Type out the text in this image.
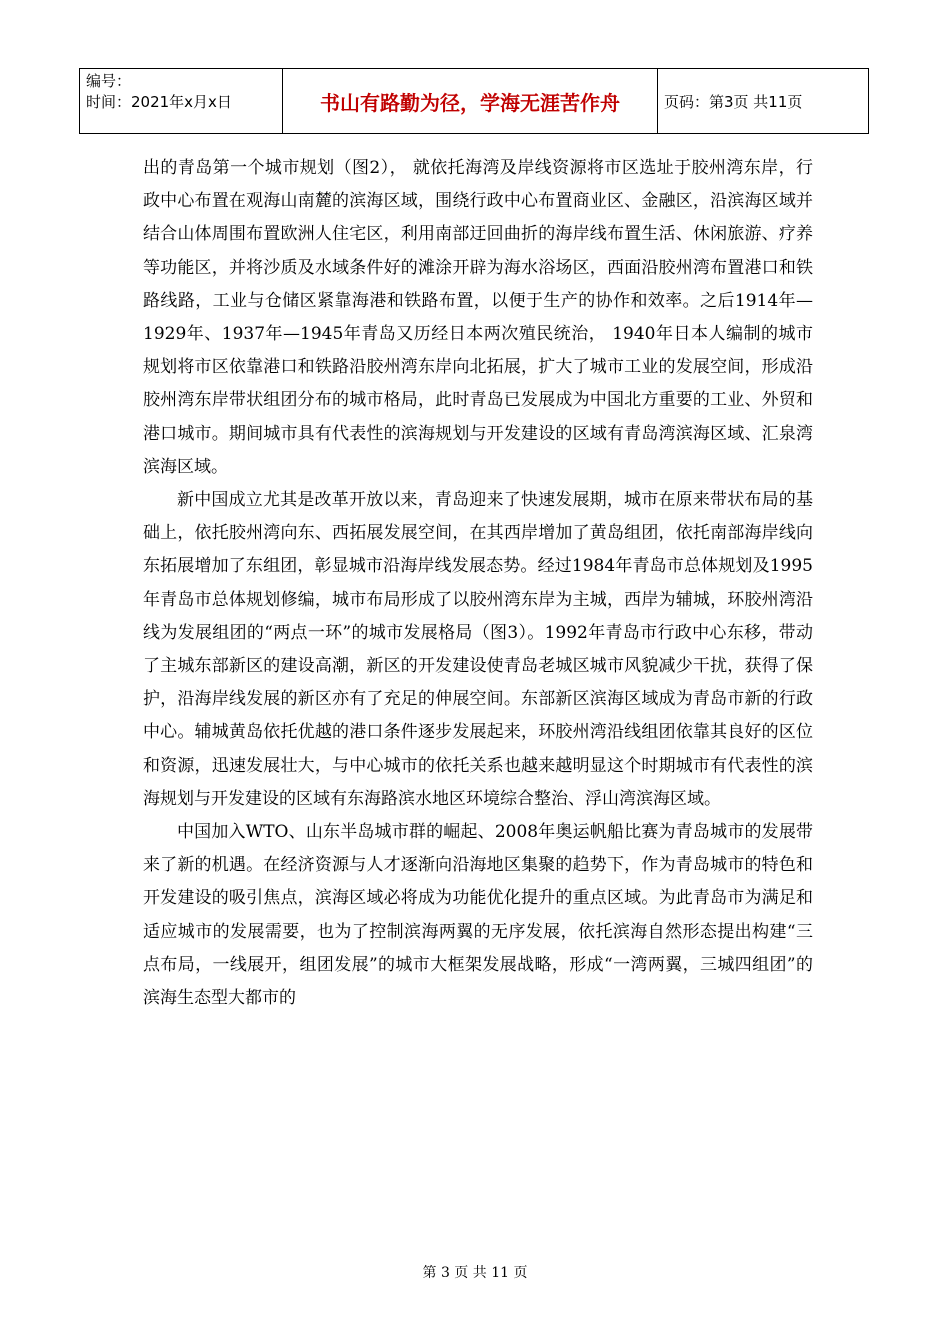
编号：
时间：2021年x月x日	书山有路勤为径，学海无涯苦作舟	页码：第3页 共11页

出的青岛第一个城市规划（图2）， 就依托海湾及岸线资源将市区选址于胶州湾东岸，行政中心布置在观海山南麓的滨海区域，围绕行政中心布置商业区、金融区，沿滨海区域并结合山体周围布置欧洲人住宅区，利用南部迂回曲折的海岸线布置生活、休闲旅游、疗养等功能区，并将沙质及水域条件好的滩涂开辟为海水浴场区，西面沿胶州湾布置港口和铁路线路，工业与仓储区紧靠海港和铁路布置，以便于生产的协作和效率。之后1914年—1929年、1937年—1945年青岛又历经日本两次殖民统治， 1940年日本人编制的城市规划将市区依靠港口和铁路沿胶州湾东岸向北拓展，扩大了城市工业的发展空间，形成沿胶州湾东岸带状组团分布的城市格局，此时青岛已发展成为中国北方重要的工业、外贸和港口城市。期间城市具有代表性的滨海规划与开发建设的区域有青岛湾滨海区域、汇泉湾滨海区域。

新中国成立尤其是改革开放以来，青岛迎来了快速发展期，城市在原来带状布局的基础上，依托胶州湾向东、西拓展发展空间，在其西岸增加了黄岛组团，依托南部海岸线向东拓展增加了东组团，彰显城市沿海岸线发展态势。经过1984年青岛市总体规划及1995年青岛市总体规划修编，城市布局形成了以胶州湾东岸为主城，西岸为辅城，环胶州湾沿线为发展组团的“两点一环”的城市发展格局（图3）。1992年青岛市行政中心东移，带动了主城东部新区的建设高潮，新区的开发建设使青岛老城区城市风貌减少干扰，获得了保护，沿海岸线发展的新区亦有了充足的伸展空间。东部新区滨海区域成为青岛市新的行政中心。辅城黄岛依托优越的港口条件逐步发展起来，环胶州湾沿线组团依靠其良好的区位和资源，迅速发展壮大，与中心城市的依托关系也越来越明显这个时期城市有代表性的滨海规划与开发建设的区域有东海路滨水地区环境综合整治、浮山湾滨海区域。

中国加入WTO、山东半岛城市群的崛起、2008年奥运帆船比赛为青岛城市的发展带来了新的机遇。在经济资源与人才逐渐向沿海地区集聚的趋势下，作为青岛城市的特色和开发建设的吸引焦点，滨海区域必将成为功能优化提升的重点区域。为此青岛市为满足和适应城市的发展需要，也为了控制滨海两翼的无序发展，依托滨海自然形态提出构建“三点布局，一线展开，组团发展”的城市大框架发展战略，形成“一湾两翼，三城四组团”的滨海生态型大都市的

第 3 页 共 11 页
